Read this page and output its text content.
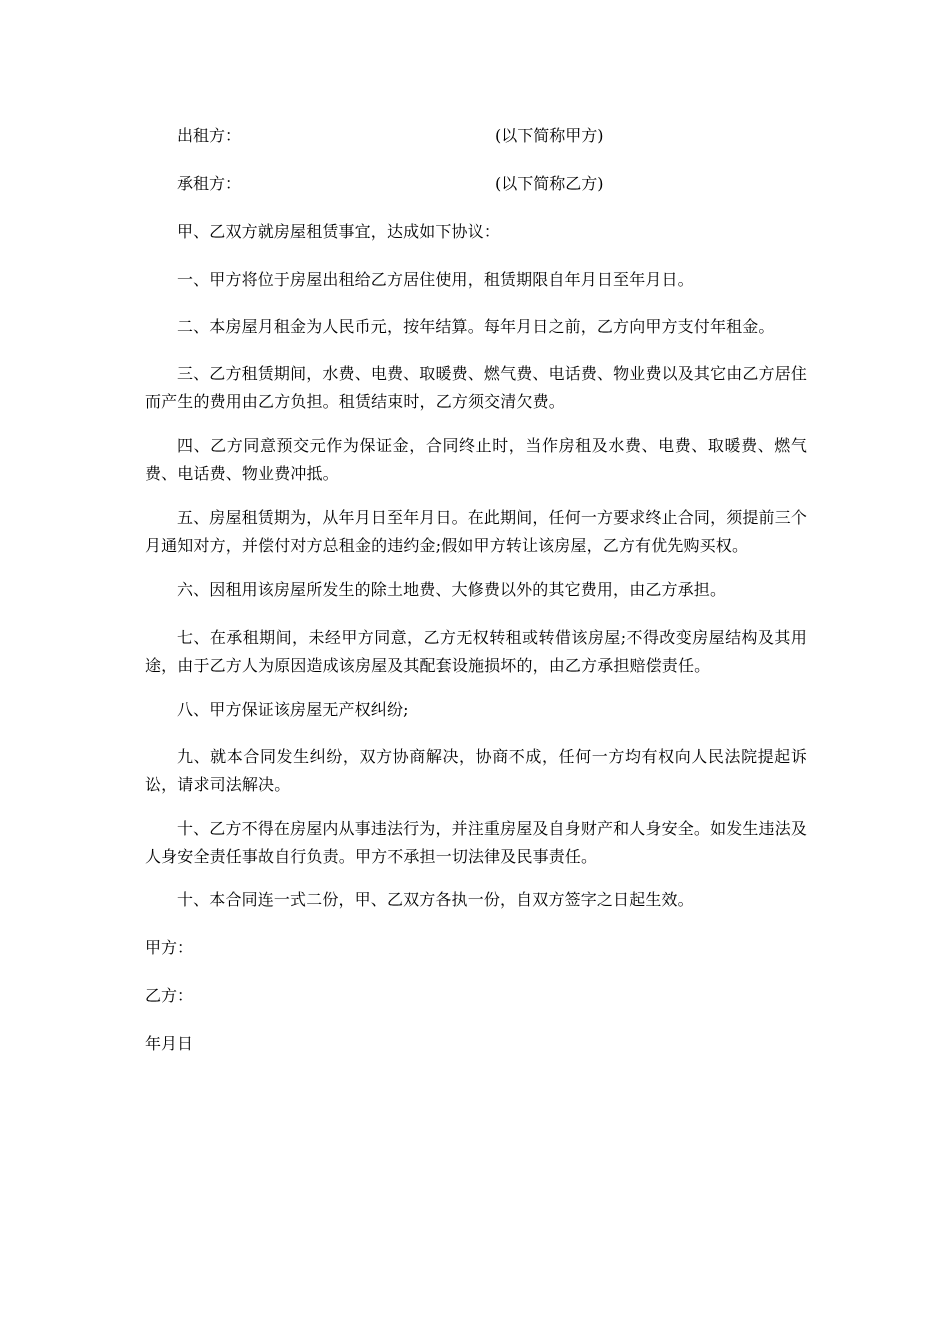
出租方：	(以下简称甲方)
承租方：	(以下简称乙方)
甲、乙双方就房屋租赁事宜，达成如下协议：
一、甲方将位于房屋出租给乙方居住使用，租赁期限自年月日至年月日。
二、本房屋月租金为人民币元，按年结算。每年月日之前，乙方向甲方支付年租金。
三、乙方租赁期间，水费、电费、取暖费、燃气费、电话费、物业费以及其它由乙方居住而产生的费用由乙方负担。租赁结束时，乙方须交清欠费。
四、乙方同意预交元作为保证金，合同终止时，当作房租及水费、电费、取暖费、燃气费、电话费、物业费冲抵。
五、房屋租赁期为，从年月日至年月日。在此期间，任何一方要求终止合同，须提前三个月通知对方，并偿付对方总租金的违约金;假如甲方转让该房屋，乙方有优先购买权。
六、因租用该房屋所发生的除土地费、大修费以外的其它费用，由乙方承担。
七、在承租期间，未经甲方同意，乙方无权转租或转借该房屋;不得改变房屋结构及其用途，由于乙方人为原因造成该房屋及其配套设施损坏的，由乙方承担赔偿责任。
八、甲方保证该房屋无产权纠纷;
九、就本合同发生纠纷，双方协商解决，协商不成，任何一方均有权向人民法院提起诉讼，请求司法解决。
十、乙方不得在房屋内从事违法行为，并注重房屋及自身财产和人身安全。如发生违法及人身安全责任事故自行负责。甲方不承担一切法律及民事责任。
十、本合同连一式二份，甲、乙双方各执一份，自双方签字之日起生效。
甲方：
乙方：
年月日
